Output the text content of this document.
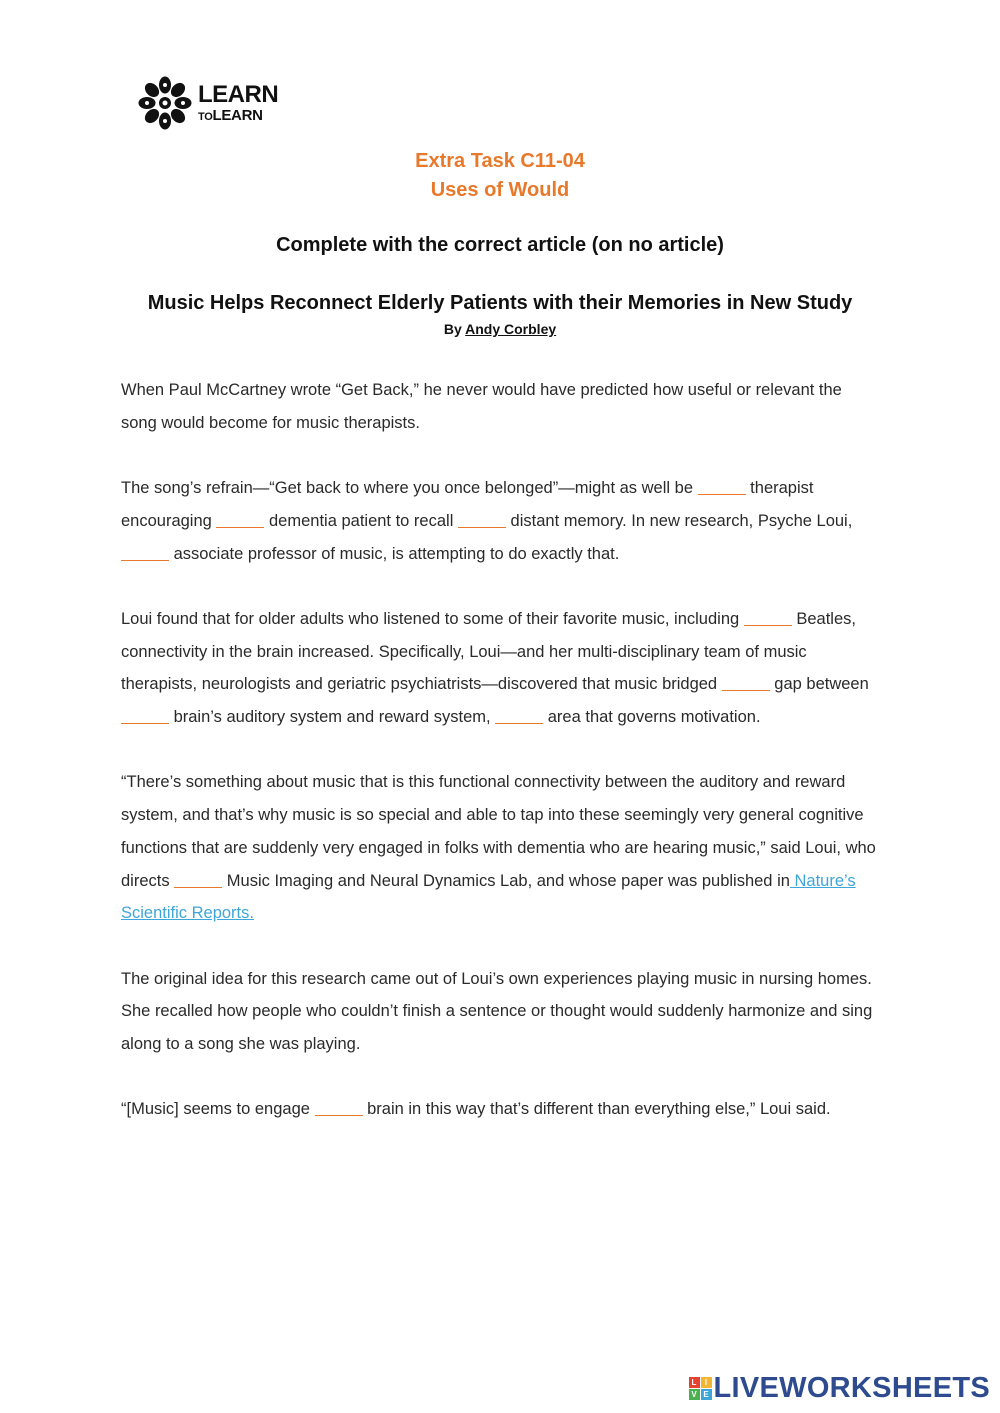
LEARN
TOLEARN
Extra Task C11-04
Uses of Would
Complete with the correct article (on no article)
Music Helps Reconnect Elderly Patients with their Memories in New Study
By Andy Corbley

When Paul McCartney wrote “Get Back,” he never would have predicted how useful or relevant the song would become for music therapists.

The song’s refrain—“Get back to where you once belonged”—might as well be	therapist encouraging	dementia patient to recall	distant memory. In new research, Psyche Loui,  associate professor of music, is attempting to do exactly that.

Loui found that for older adults who listened to some of their favorite music, including	Beatles, connectivity in the brain increased. Specifically, Loui—and her multi-disciplinary team of music therapists, neurologists and geriatric psychiatrists—discovered that music bridged	gap between  brain’s auditory system and reward system,	area that governs motivation.

“There’s something about music that is this functional connectivity between the auditory and reward system, and that’s why music is so special and able to tap into these seemingly very general cognitive functions that are suddenly very engaged in folks with dementia who are hearing music,” said Loui, who directs	Music Imaging and Neural Dynamics Lab, and whose paper was published in Nature’s Scientific Reports.

The original idea for this research came out of Loui’s own experiences playing music in nursing homes. She recalled how people who couldn’t finish a sentence or thought would suddenly harmonize and sing along to a song she was playing.

“[Music] seems to engage	brain in this way that’s different than everything else,” Loui said.

L	I
V E LIVEWORKSHEETS
